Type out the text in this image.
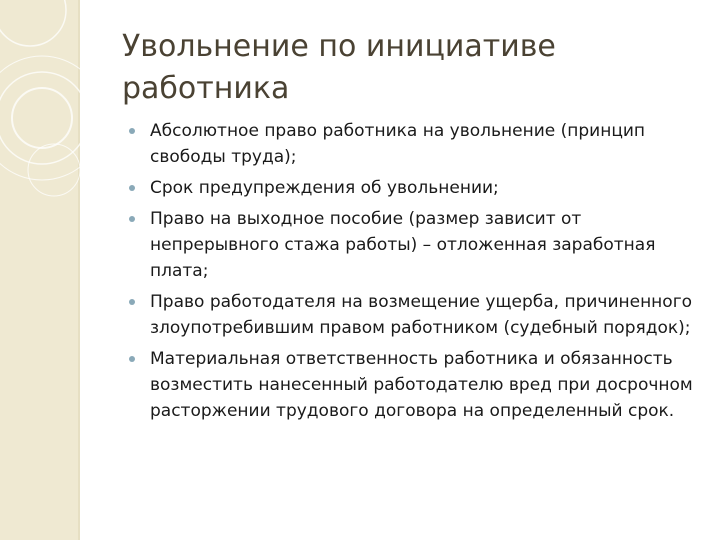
Увольнение по инициативе работника
Абсолютное право работника на увольнение (принцип свободы труда);
Срок предупреждения об увольнении;
Право на выходное пособие (размер зависит от непрерывного стажа работы) – отложенная заработная плата;
Право работодателя на возмещение ущерба, причиненного злоупотребившим правом работником (судебный порядок);
Материальная ответственность работника и обязанность возместить нанесенный работодателю вред при досрочном расторжении трудового договора на определенный срок.
